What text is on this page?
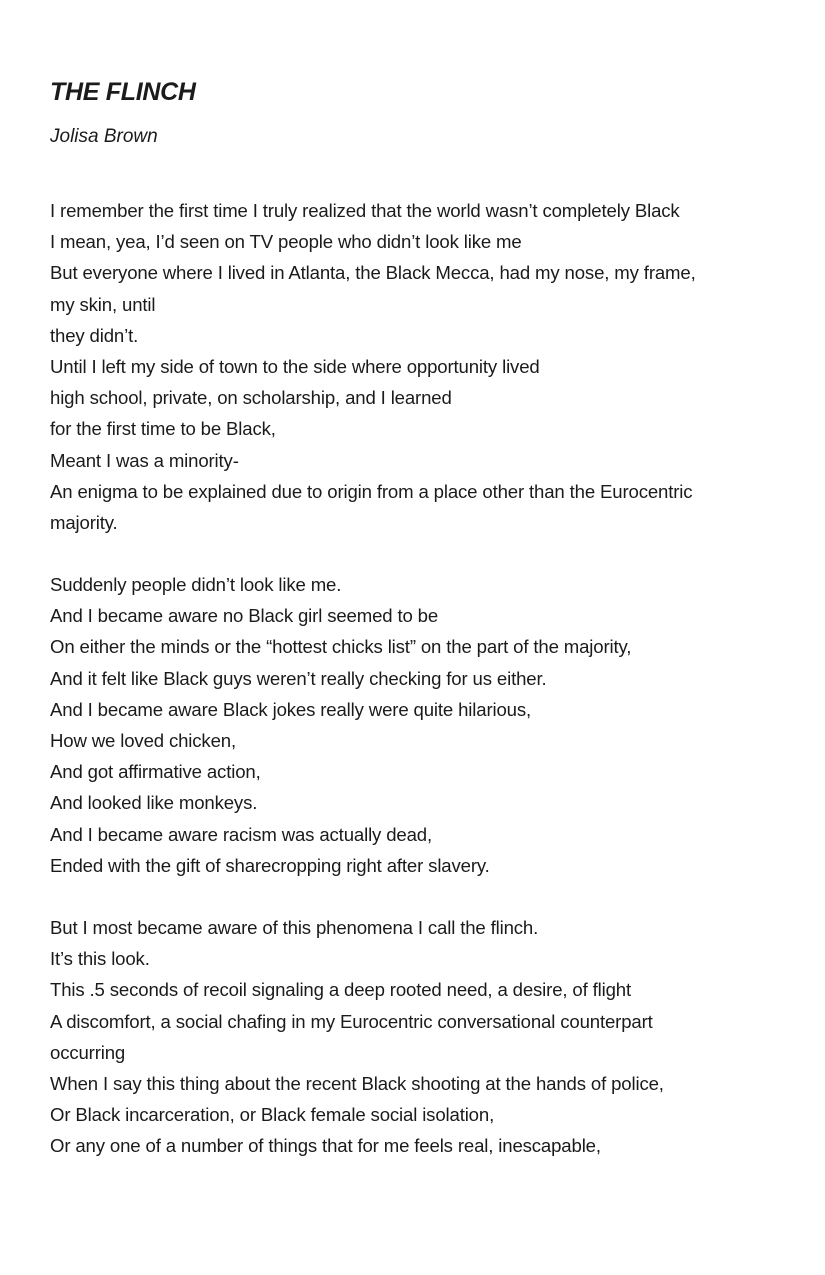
THE FLINCH

Jolisa Brown

I remember the first time I truly realized that the world wasn’t completely Black
I mean, yea, I’d seen on TV people who didn’t look like me
But everyone where I lived in Atlanta, the Black Mecca, had my nose, my frame,
my skin, until
they didn’t.
Until I left my side of town to the side where opportunity lived
high school, private, on scholarship, and I learned
for the first time to be Black,
Meant I was a minority-
An enigma to be explained due to origin from a place other than the Eurocentric
majority.
Suddenly people didn’t look like me.
And I became aware no Black girl seemed to be
On either the minds or the “hottest chicks list” on the part of the majority,
And it felt like Black guys weren’t really checking for us either.
And I became aware Black jokes really were quite hilarious,
How we loved chicken,
And got affirmative action,
And looked like monkeys.
And I became aware racism was actually dead,
Ended with the gift of sharecropping right after slavery.
But I most became aware of this phenomena I call the flinch.
It’s this look.
This .5 seconds of recoil signaling a deep rooted need, a desire, of flight
A discomfort, a social chafing in my Eurocentric conversational counterpart
occurring
When I say this thing about the recent Black shooting at the hands of police,
Or Black incarceration, or Black female social isolation,
Or any one of a number of things that for me feels real, inescapable,
